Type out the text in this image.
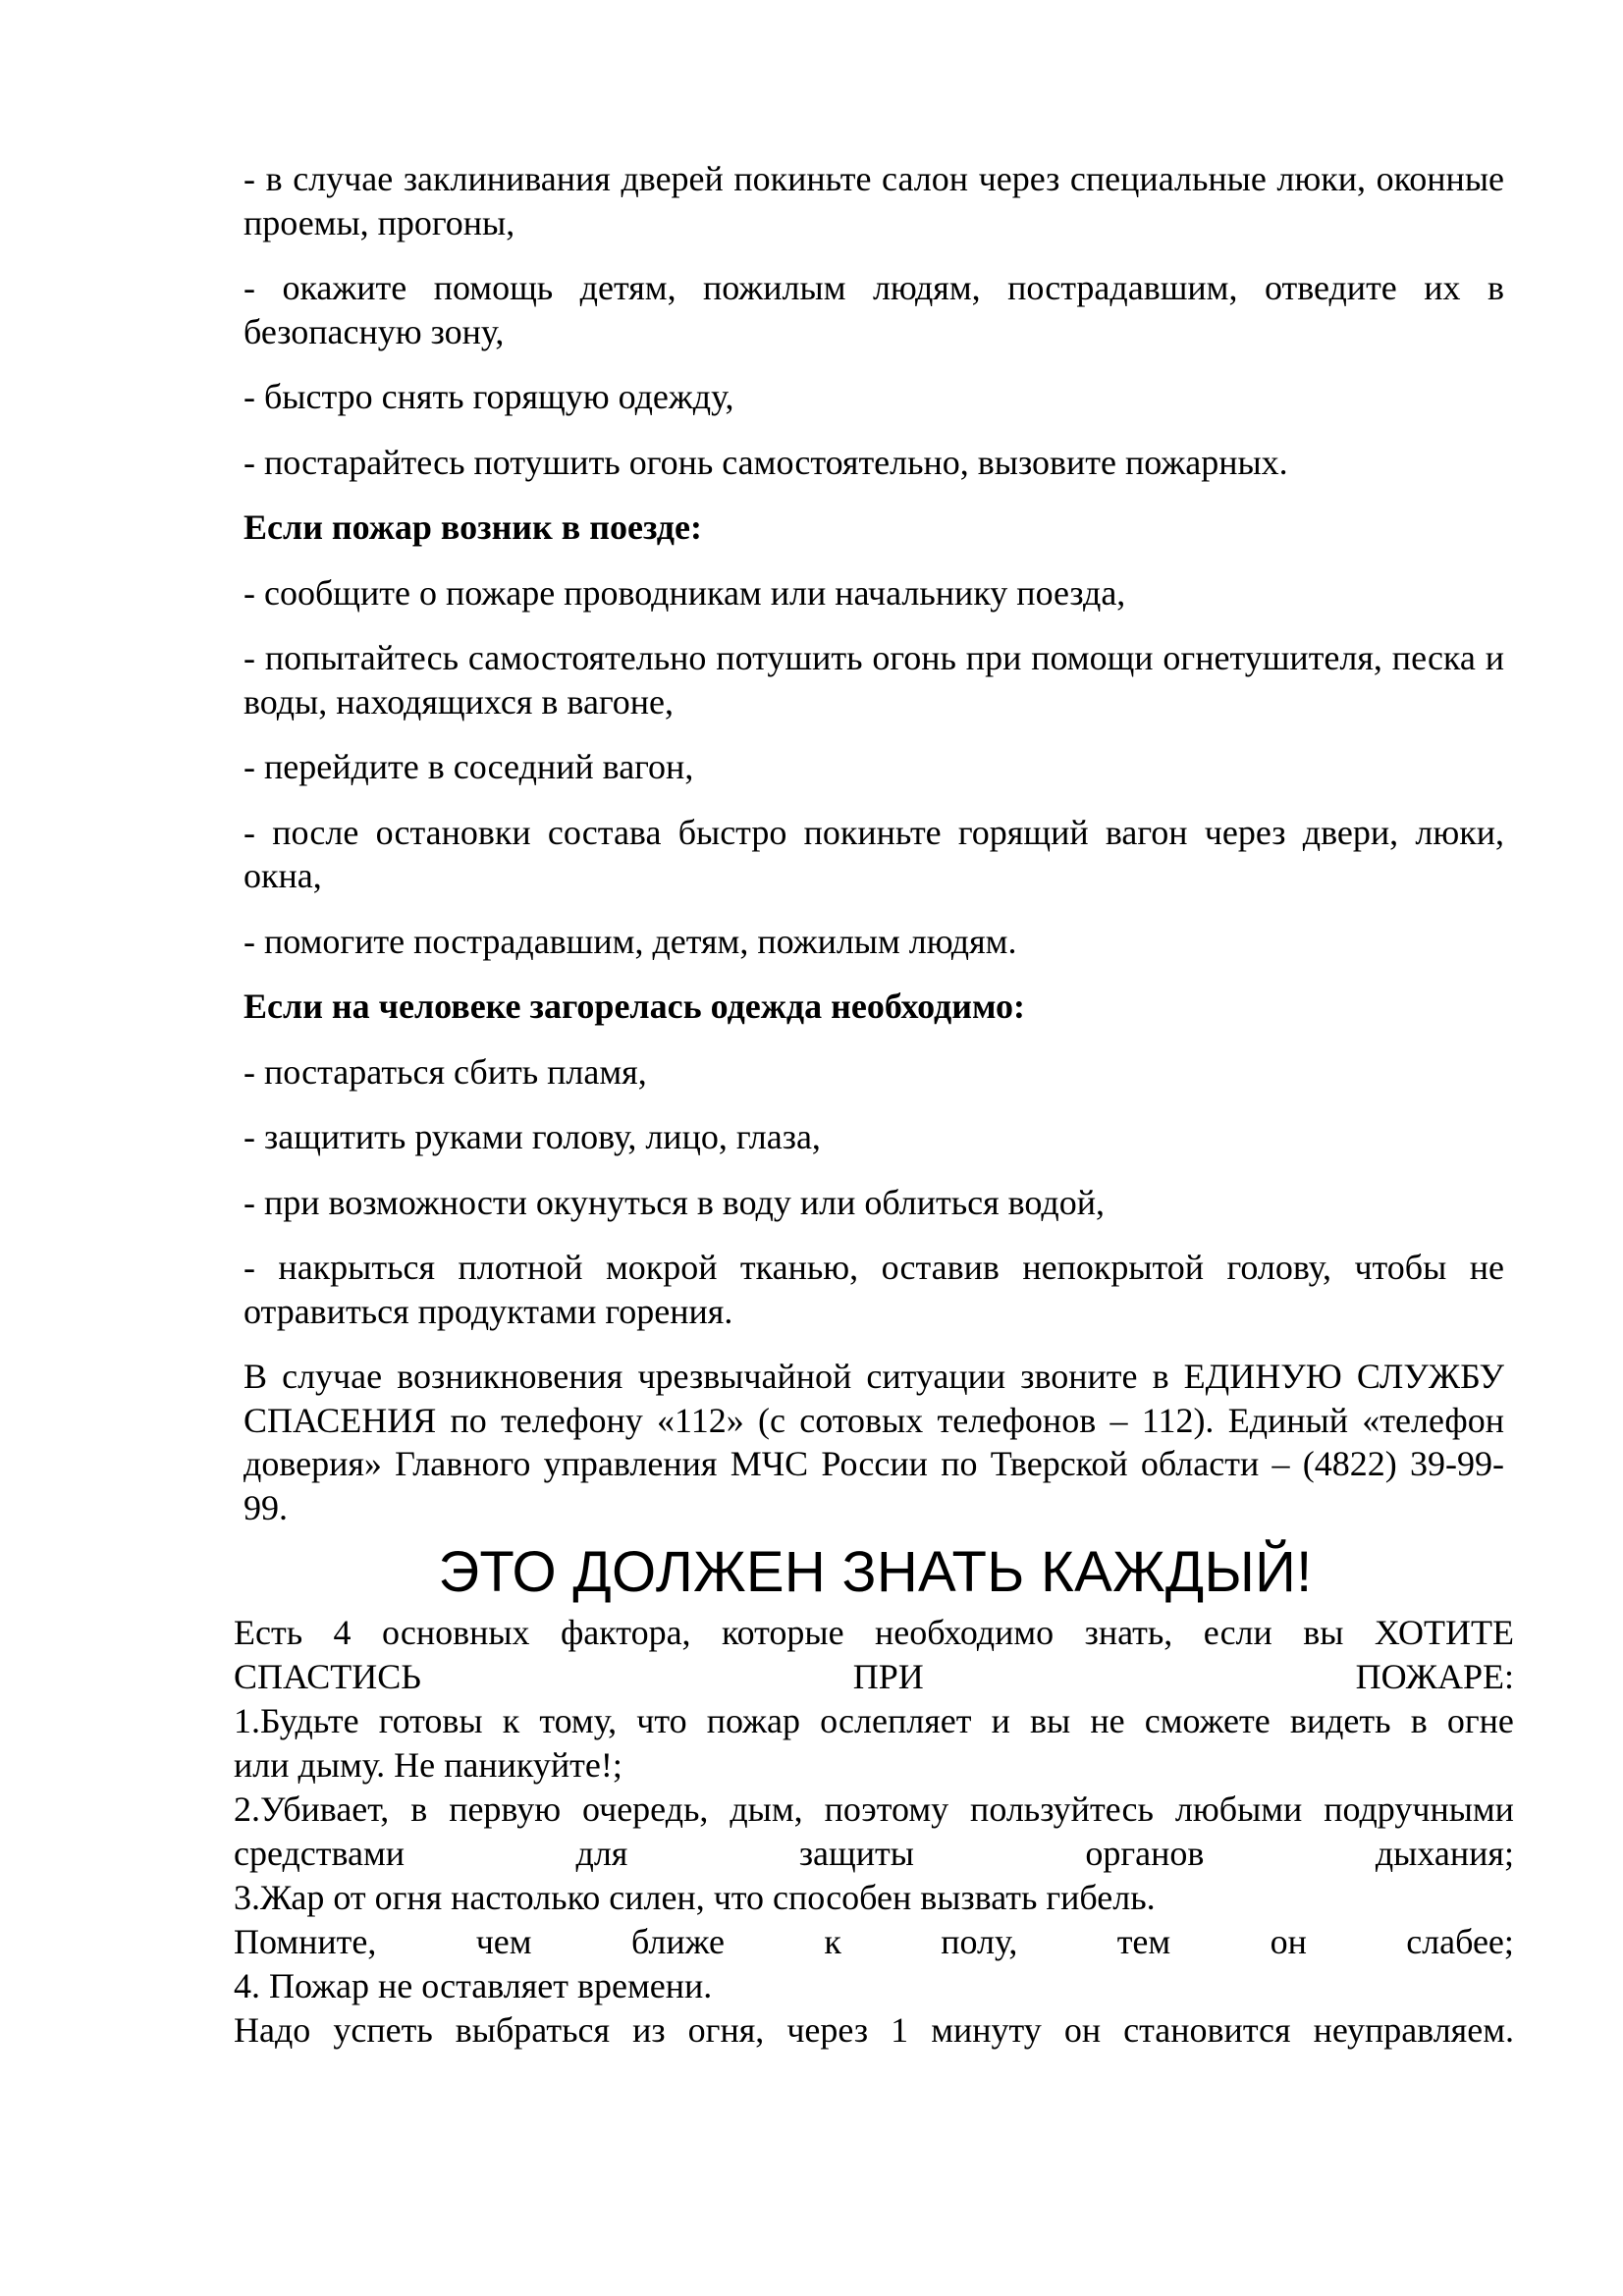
- в случае заклинивания дверей покиньте салон через специальные люки, оконные проемы, прогоны,

- окажите помощь детям, пожилым людям, пострадавшим, отведите их в безопасную зону,

- быстро снять горящую одежду,

- постарайтесь потушить огонь самостоятельно, вызовите пожарных.

Если пожар возник в поезде:

- сообщите о пожаре проводникам или начальнику поезда,

- попытайтесь самостоятельно потушить огонь при помощи огнетушителя, песка и воды, находящихся в вагоне,

- перейдите в соседний вагон,

- после остановки состава быстро покиньте горящий вагон через двери, люки, окна,

- помогите пострадавшим, детям, пожилым людям.

Если на человеке загорелась одежда необходимо:

- постараться сбить пламя,

- защитить руками голову, лицо, глаза,

- при возможности окунуться в воду или облиться водой,

- накрыться плотной мокрой тканью, оставив непокрытой голову, чтобы не отравиться продуктами горения.

В случае возникновения чрезвычайной ситуации звоните в ЕДИНУЮ СЛУЖБУ СПАСЕНИЯ по телефону «112» (с сотовых телефонов – 112). Единый «телефон доверия» Главного управления МЧС России по Тверской области – (4822) 39-99-99.

ЭТО ДОЛЖЕН ЗНАТЬ КАЖДЫЙ!
Есть 4 основных фактора, которые необходимо знать, если вы ХОТИТЕ
СПАСТИСЬ	ПРИ	ПОЖАРЕ:
1.Будьте готовы к тому, что пожар ослепляет и вы не сможете видеть в огне
или дыму. Не паникуйте!;
2.Убивает, в первую очередь, дым, поэтому пользуйтесь любыми подручными
средствами	для	защиты	органов	дыхания;
3.Жар от огня настолько силен, что способен вызвать гибель.
Помните,	чем	ближе	к	полу,	тем	он	слабее;
4. Пожар не оставляет времени.
Надо успеть выбраться из огня, через 1 минуту он становится неуправляем.
